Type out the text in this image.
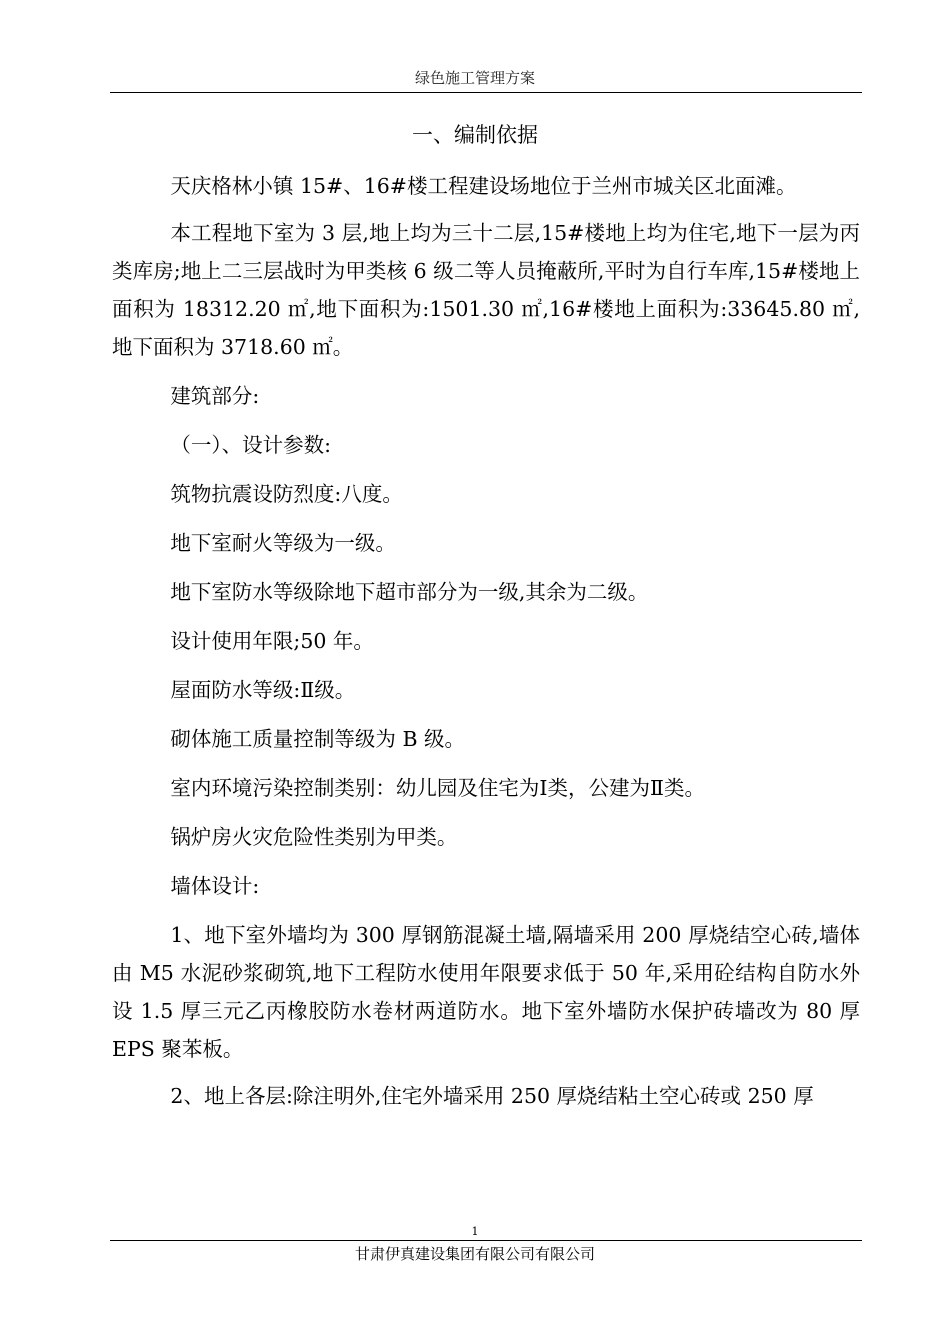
绿色施工管理方案
一、编制依据

天庆格林小镇 15#、16#楼工程建设场地位于兰州市城关区北面滩。

本工程地下室为 3 层,地上均为三十二层,15#楼地上均为住宅,地下一层为丙类库房;地上二三层战时为甲类核 6 级二等人员掩蔽所,平时为自行车库,15#楼地上面积为 18312.20 ㎡,地下面积为:1501.30 ㎡,16#楼地上面积为:33645.80 ㎡,地下面积为 3718.60 ㎡。

建筑部分:

（一）、设计参数:

筑物抗震设防烈度:八度。

地下室耐火等级为一级。

地下室防水等级除地下超市部分为一级,其余为二级。

设计使用年限;50 年。

屋面防水等级:Ⅱ级。

砌体施工质量控制等级为 B 级。

室内环境污染控制类别：幼儿园及住宅为Ⅰ类，公建为Ⅱ类。

锅炉房火灾危险性类别为甲类。

墙体设计:

1、地下室外墙均为 300 厚钢筋混凝土墙,隔墙采用 200 厚烧结空心砖,墙体由 M5 水泥砂浆砌筑,地下工程防水使用年限要求低于 50 年,采用砼结构自防水外设 1.5 厚三元乙丙橡胶防水卷材两道防水。地下室外墙防水保护砖墙改为 80 厚 EPS 聚苯板。

2、地上各层:除注明外,住宅外墙采用 250 厚烧结粘土空心砖或 250 厚

1
甘肃伊真建设集团有限公司有限公司
